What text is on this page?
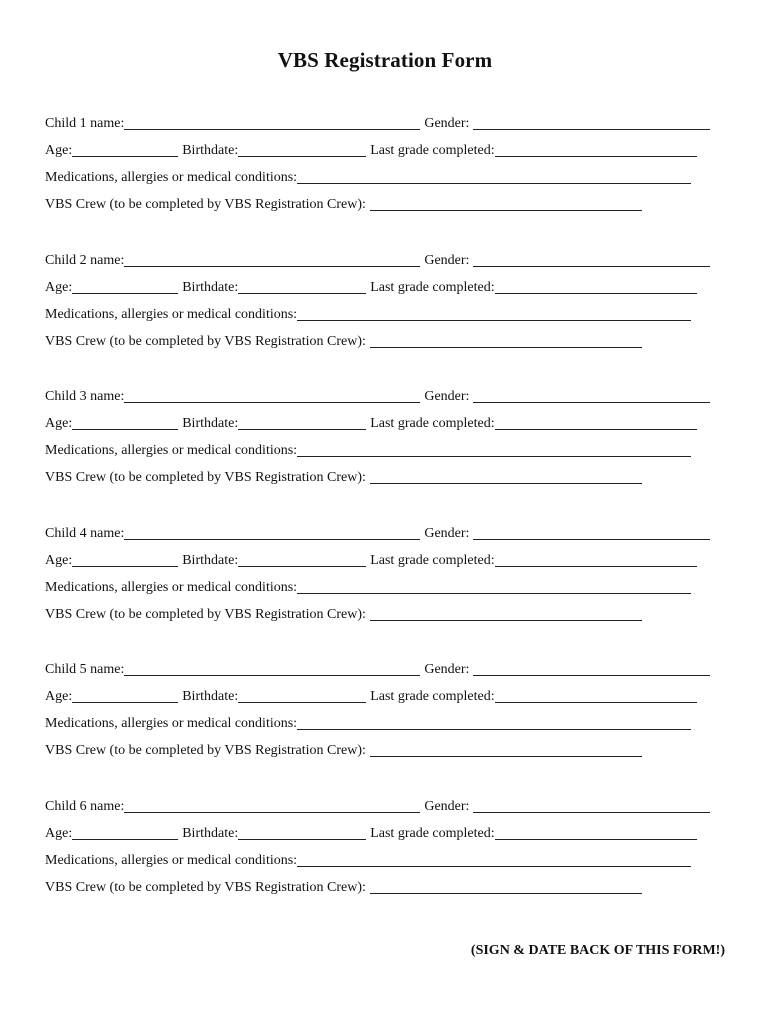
VBS Registration Form
Child 1 name:	Gender:
Age:	Birthdate:	Last grade completed:
Medications, allergies or medical conditions:
VBS Crew (to be completed by VBS Registration Crew):
Child 2 name:	Gender:
Age:	Birthdate:	Last grade completed:
Medications, allergies or medical conditions:
VBS Crew (to be completed by VBS Registration Crew):
Child 3 name:	Gender:
Age:	Birthdate:	Last grade completed:
Medications, allergies or medical conditions:
VBS Crew (to be completed by VBS Registration Crew):
Child 4 name:	Gender:
Age:	Birthdate:	Last grade completed:
Medications, allergies or medical conditions:
VBS Crew (to be completed by VBS Registration Crew):
Child 5 name:	Gender:
Age:	Birthdate:	Last grade completed:
Medications, allergies or medical conditions:
VBS Crew (to be completed by VBS Registration Crew):
Child 6 name:	Gender:
Age:	Birthdate:	Last grade completed:
Medications, allergies or medical conditions:
VBS Crew (to be completed by VBS Registration Crew):
(SIGN & DATE BACK OF THIS FORM!)
